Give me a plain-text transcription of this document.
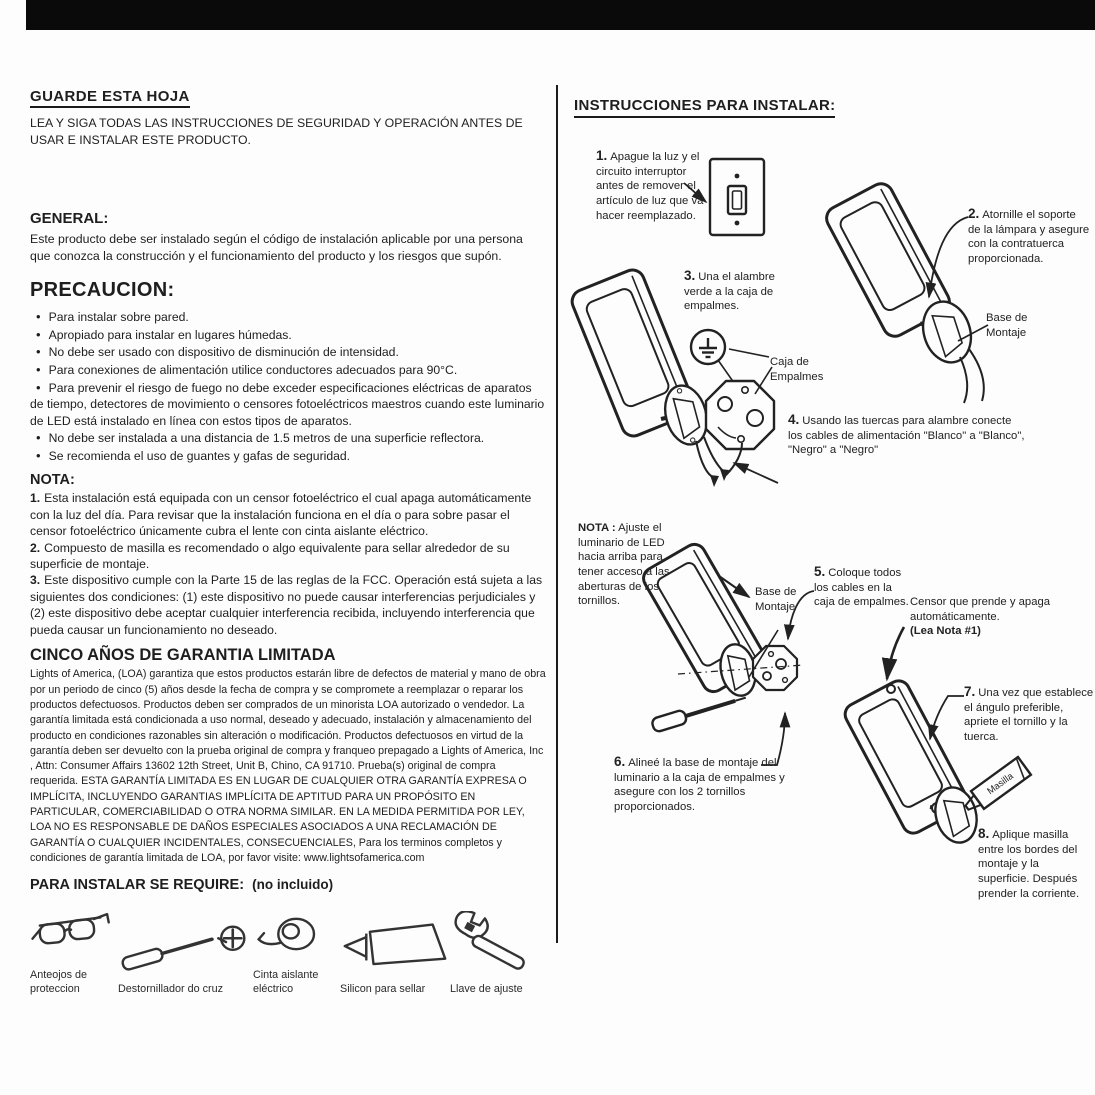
GUARDE ESTA HOJA

LEA Y SIGA TODAS LAS INSTRUCCIONES DE SEGURIDAD Y OPERACIÓN ANTES DE USAR E INSTALAR ESTE PRODUCTO.

GENERAL:

Este producto debe ser instalado según el código de instalación aplicable por una persona que conozca la construcción y el funcionamiento del producto y los riesgos que supón.

PRECAUCION:
• Para instalar sobre pared.
• Apropiado para instalar en lugares húmedas.
• No debe ser usado con dispositivo de disminución de intensidad.
• Para conexiones de alimentación utilice conductores adecuados para 90°C.
• Para prevenir el riesgo de fuego no debe exceder especificaciones eléctricas de aparatos de tiempo, detectores de movimiento o censores fotoeléctricos maestros cuando este luminario de LED está instalado en línea con estos tipos de aparatos.
• No debe ser instalada a una distancia de 1.5 metros de una superficie reflectora.
• Se recomienda el uso de guantes y gafas de seguridad.
NOTA:
1. Esta instalación está equipada con un censor fotoeléctrico el cual apaga automáticamente con la luz del día. Para revisar que la instalación funciona en el día o para sobre pasar el censor fotoeléctrico únicamente cubra el lente con cinta aislante eléctrico.
2. Compuesto de masilla es recomendado o algo equivalente para sellar alrededor de su superficie de montaje.
3. Este dispositivo cumple con la Parte 15 de las reglas de la FCC. Operación está sujeta a las siguientes dos condiciones: (1) este dispositivo no puede causar interferencias perjudiciales y (2) este dispositivo debe aceptar cualquier interferencia recibida, incluyendo interferencia que pueda causar un funcionamiento no deseado.
CINCO AÑOS DE GARANTIA LIMITADA

Lights of America, (LOA) garantiza que estos productos estarán libre de defectos de material y mano de obra por un periodo de cinco (5) años desde la fecha de compra y se compromete a reemplazar o reparar los productos defectuosos. Productos deben ser comprados de un minorista LOA autorizado o vendedor. La garantía limitada está condicionada a uso normal, deseado y adecuado, instalación y almacenamiento del producto en condiciones razonables sin alteración o modificación. Productos defectuosos en virtud de la garantía deben ser devuelto con la prueba original de compra y franqueo prepagado a Lights of America, Inc , Attn: Consumer Affairs 13602 12th Street, Unit B, Chino, CA 91710. Prueba(s) original de compra requerida. ESTA GARANTÍA LIMITADA ES EN LUGAR DE CUALQUIER OTRA GARANTÍA EXPRESA O IMPLÍCITA, INCLUYENDO GARANTIAS IMPLÍCITA DE APTITUD PARA UN PROPÓSITO EN PARTICULAR, COMERCIABILIDAD O OTRA NORMA SIMILAR. EN LA MEDIDA PERMITIDA POR LEY, LOA NO ES RESPONSABLE DE DAÑOS ESPECIALES ASOCIADOS A UNA RECLAMACIÓN DE GARANTÍA O CUALQUIER INCIDENTALES, CONSECUENCIALES, Para los terminos completos y condiciones de garantía limitada de LOA, por favor visite: www.lightsofamerica.com

PARA INSTALAR SE REQUIRE: (no incluido)
Anteojos de proteccion	Destornillador do cruz
Cinta aislante eléctrico	Silicon para sellar Llave de ajuste
Masilla
INSTRUCCIONES PARA INSTALAR:
1. Apague la luz y el circuito interruptor antes de remover el artículo de luz que va hacer reemplazado.	2. Atornille el soporte de la lámpara y asegure con la contratuerca proporcionada.
Base de Montaje
3. Una el alambre verde a la caja de empalmes.
Caja de Empalmes
4. Usando las tuercas para alambre conecte los cables de alimentación "Blanco" a "Blanco", "Negro" a "Negro"
NOTA : Ajuste el luminario de LED hacia arriba para tener acceso a las aberturas de los tornillos.
Base de Montaje
5. Coloque todos los cables en la caja de empalmes. Censor que prende y apaga automáticamente.
(Lea Nota #1)
6. Alineé la base de montaje del luminario a la caja de empalmes y asegure con los 2 tornillos proporcionados.
7. Una vez que establece el ángulo preferible, apriete el tornillo y la tuerca.
8. Aplique masilla entre los bordes del montaje y la superficie. Después prender la corriente.
